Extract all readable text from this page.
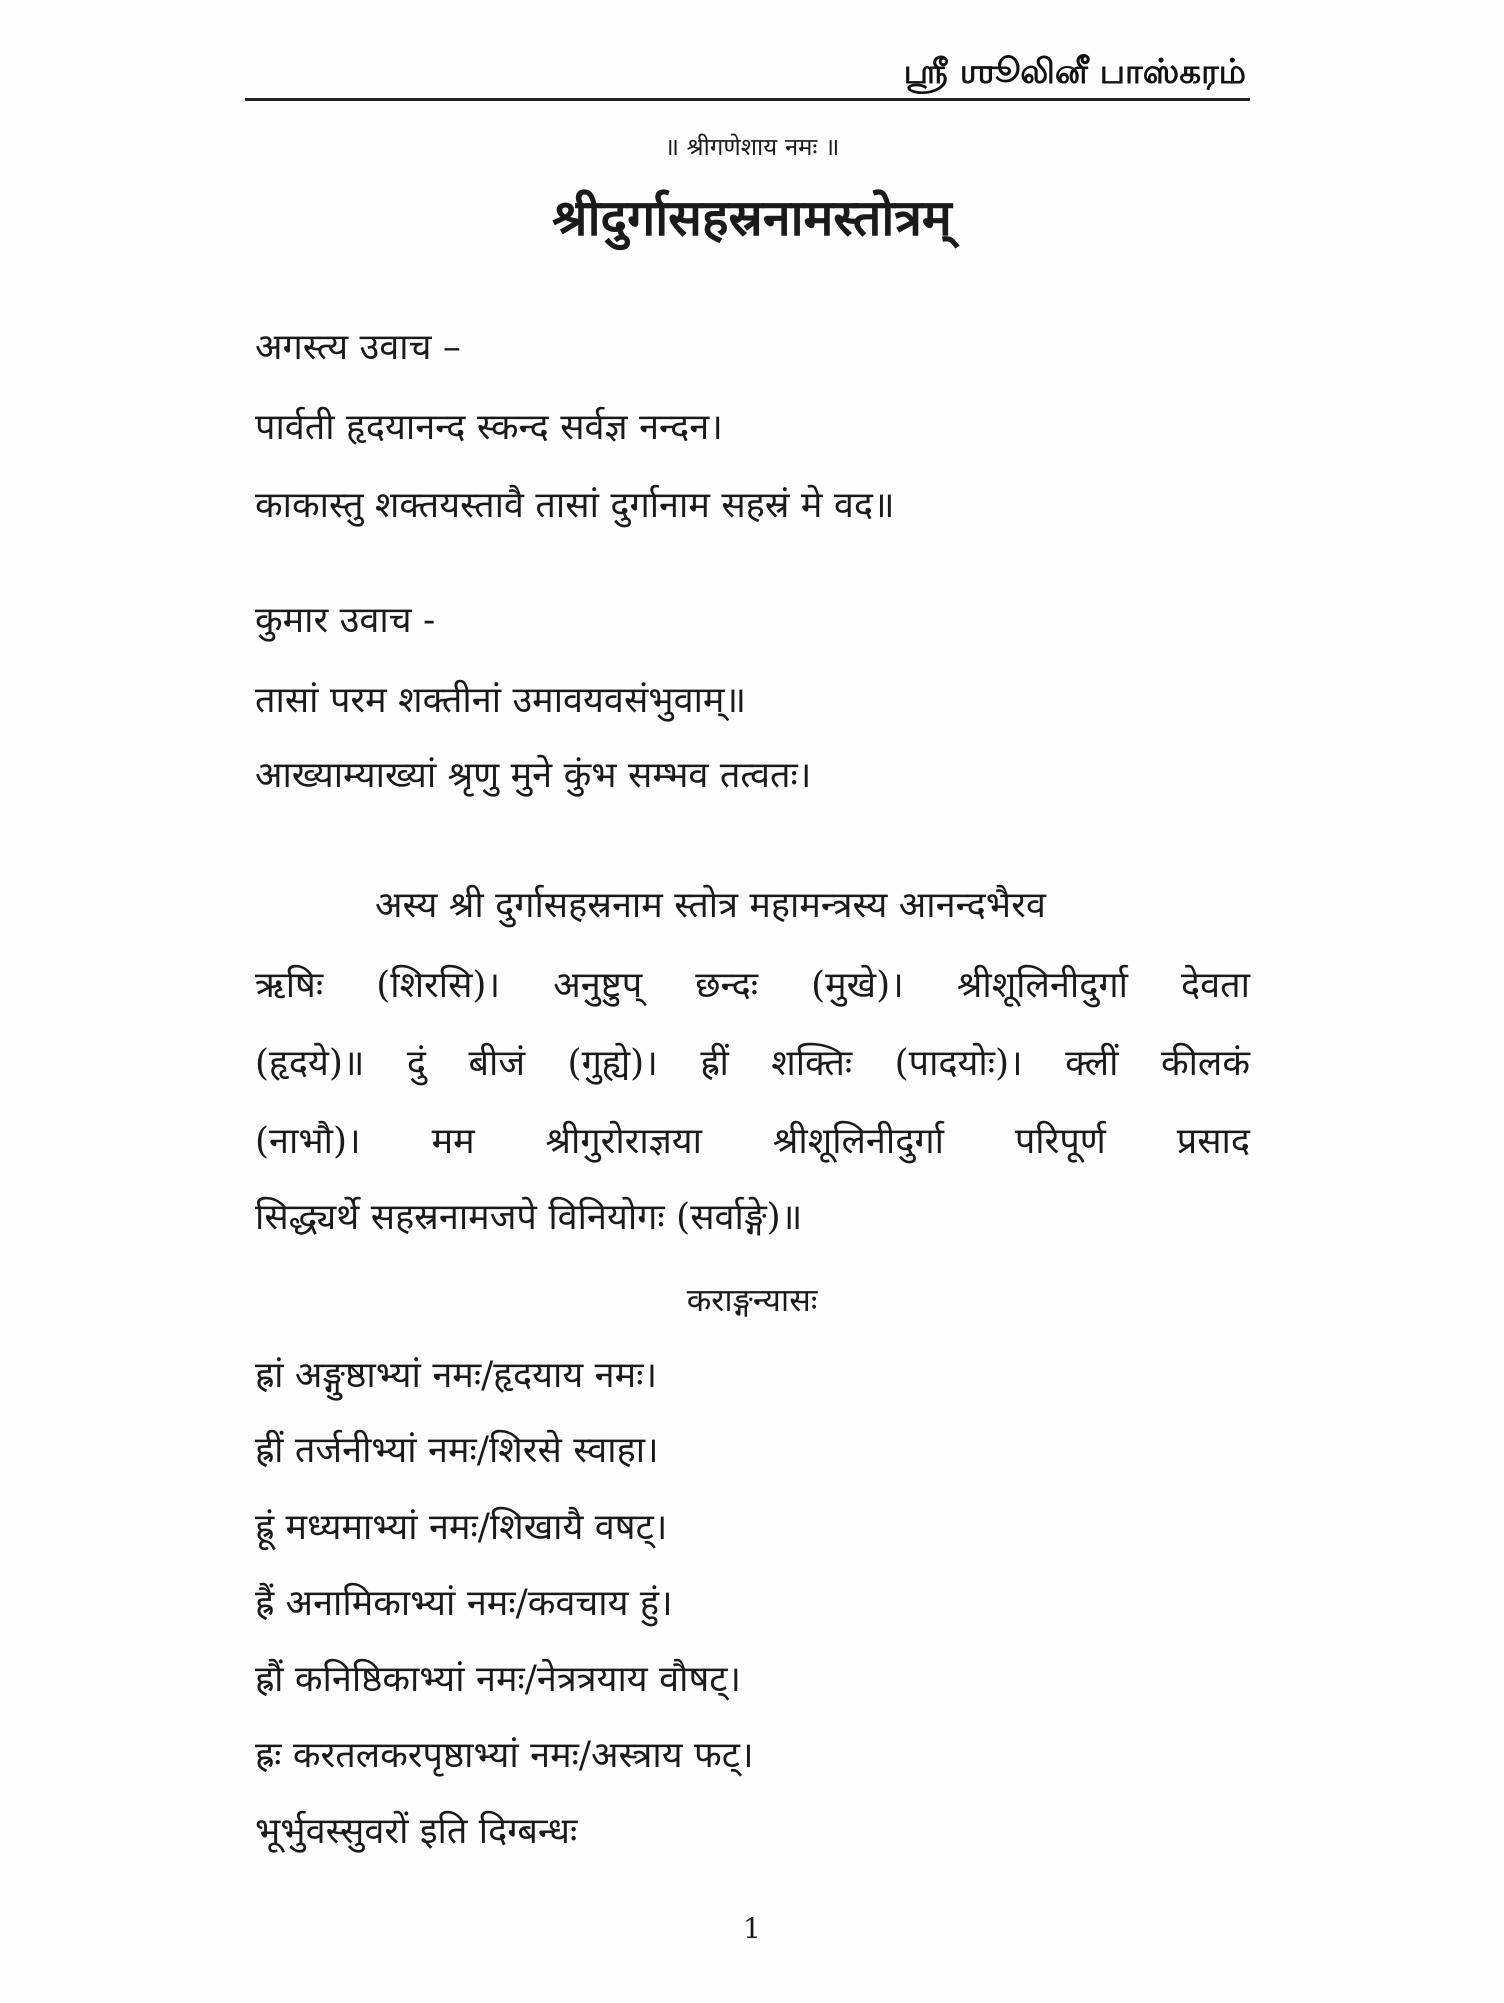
ஸ்ரீ ஶூலினீ பாஸ்கரம்
॥ श्रीगणेशाय नमः ॥
श्रीदुर्गासहस्रनामस्तोत्रम्
अगस्त्य उवाच –
पार्वती हृदयानन्द स्कन्द सर्वज्ञ नन्दन।
काकास्तु शक्तयस्तावै तासां दुर्गानाम सहस्रं मे वद॥
कुमार उवाच -
तासां परम शक्तीनां उमावयवसंभुवाम्॥
आख्याम्याख्यां श्रृणु मुने कुंभ सम्भव तत्वतः।
अस्य श्री दुर्गासहस्रनाम स्तोत्र महामन्त्रस्य आनन्दभैरव
ऋषिः (शिरसि)। अनुष्टुप् छन्दः (मुखे)। श्रीशूलिनीदुर्गा देवता
(हृदये)॥ दुं बीजं (गुह्ये)। ह्रीं शक्तिः (पादयोः)। क्लीं कीलकं
(नाभौ)। मम श्रीगुरोराज्ञया श्रीशूलिनीदुर्गा परिपूर्ण प्रसाद
सिद्ध्यर्थे सहस्रनामजपे विनियोगः (सर्वाङ्गे)॥
कराङ्गन्यासः
ह्रां अङ्गुष्ठाभ्यां नमः/हृदयाय नमः।
ह्रीं तर्जनीभ्यां नमः/शिरसे स्वाहा।
ह्रूं मध्यमाभ्यां नमः/शिखायै वषट्।
ह्रैं अनामिकाभ्यां नमः/कवचाय हुं।
ह्रौं कनिष्ठिकाभ्यां नमः/नेत्रत्रयाय वौषट्।
ह्रः करतलकरपृष्ठाभ्यां नमः/अस्त्राय फट्।
भूर्भुवस्सुवरों इति दिग्बन्धः
1
